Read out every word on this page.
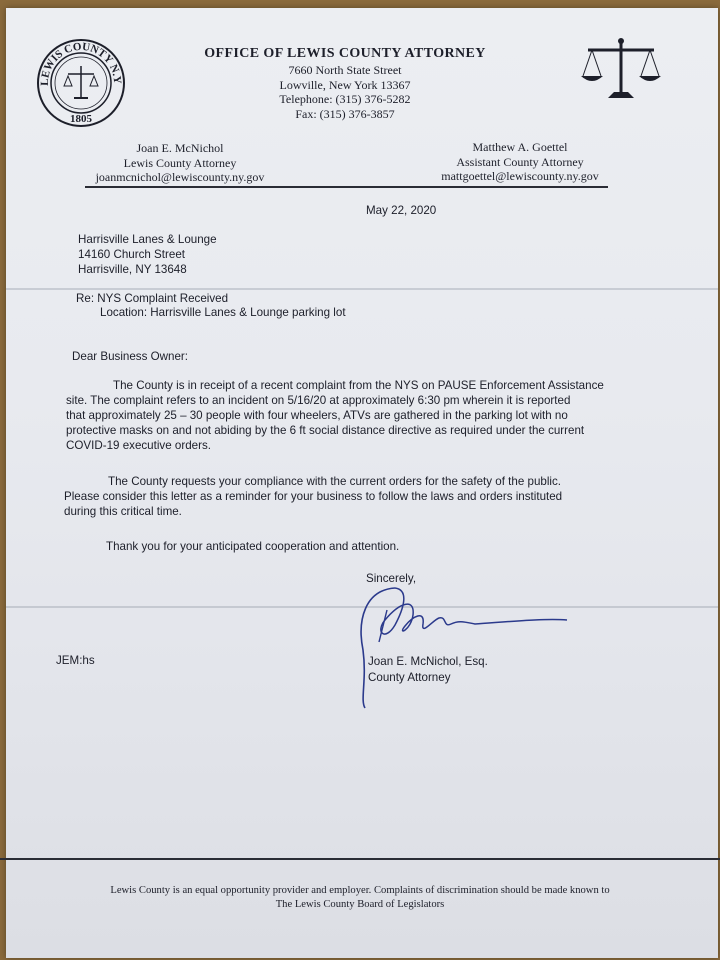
LEWIS COUNTY N.Y
1805
OFFICE OF LEWIS COUNTY ATTORNEY
7660 North State Street
Lowville, New York 13367
Telephone: (315) 376-5282
Fax: (315) 376-3857
Joan E. McNichol
Lewis County Attorney
joanmcnichol@lewiscounty.ny.gov
Matthew A. Goettel
Assistant County Attorney
mattgoettel@lewiscounty.ny.gov
May 22, 2020
Harrisville Lanes & Lounge
14160 Church Street
Harrisville, NY 13648
Re: NYS Complaint Received
Location: Harrisville Lanes & Lounge parking lot
Dear Business Owner:
The County is in receipt of a recent complaint from the NYS on PAUSE Enforcement Assistance
site. The complaint refers to an incident on 5/16/20 at approximately 6:30 pm wherein it is reported
that approximately 25 – 30 people with four wheelers, ATVs are gathered in the parking lot with no
protective masks on and not abiding by the 6 ft social distance directive as required under the current
COVID-19 executive orders.
The County requests your compliance with the current orders for the safety of the public.
Please consider this letter as a reminder for your business to follow the laws and orders instituted
during this critical time.
Thank you for your anticipated cooperation and attention.
Sincerely,
Joan E. McNichol, Esq.
County Attorney
JEM:hs
Lewis County is an equal opportunity provider and employer. Complaints of discrimination should be made known to
The Lewis County Board of Legislators
